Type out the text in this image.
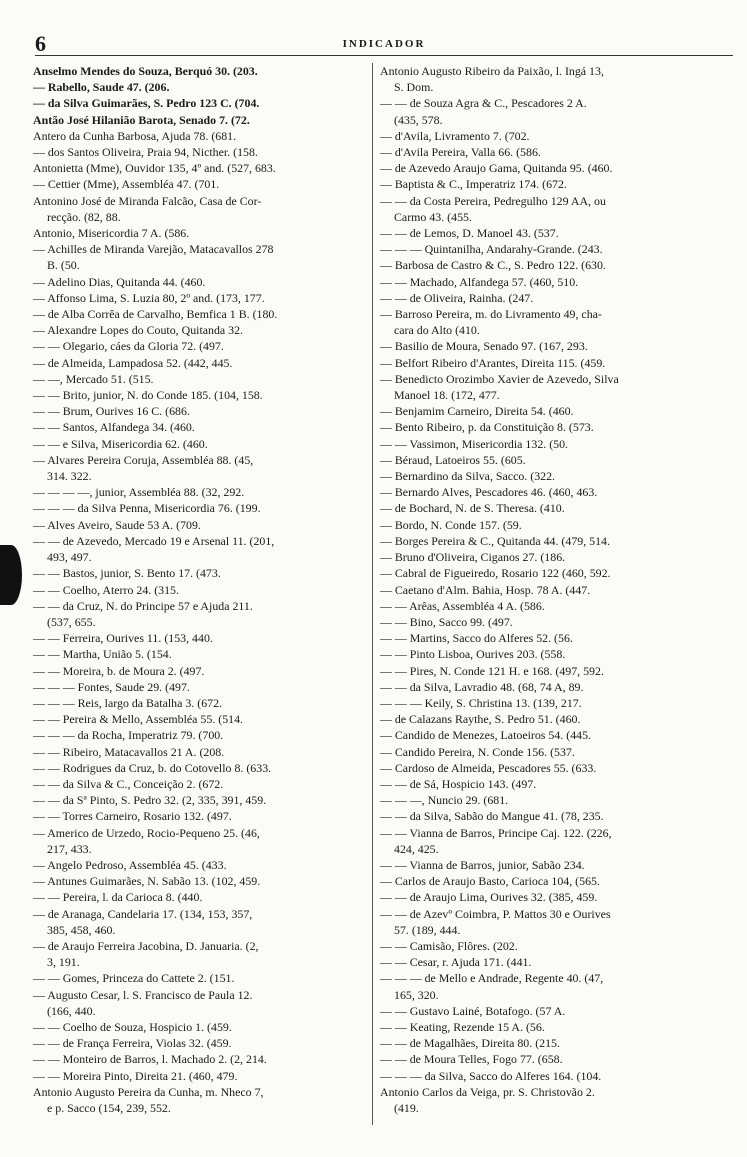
6	INDICADOR
Anselmo Mendes do Souza, Berquó 30. (203.
— Rabello, Saude 47. (206.
— da Silva Guimarães, S. Pedro 123 C. (704.
Antão José Hilanião Barota, Senado 7. (72.
Antero da Cunha Barbosa, Ajuda 78. (681.
— dos Santos Oliveira, Praia 94, Nicther. (158.
Antonietta (Mme), Ouvidor 135, 4º and. (527, 683.
— Cettier (Mme), Assembléa 47. (701.
Antonino José de Miranda Falcão, Casa de Cor-
recção. (82, 88.
Antonio, Misericordia 7 A. (586.
— Achilles de Miranda Varejão, Matacavallos 278
B. (50.
— Adelino Dias, Quitanda 44. (460.
— Affonso Lima, S. Luzia 80, 2º and. (173, 177.
— de Alba Corrêa de Carvalho, Bemfica 1 B. (180.
— Alexandre Lopes do Couto, Quitanda 32.
— — Olegario, cáes da Gloria 72. (497.
— de Almeida, Lampadosa 52. (442, 445.
— —, Mercado 51. (515.
— — Brito, junior, N. do Conde 185. (104, 158.
— — Brum, Ourives 16 C. (686.
— — Santos, Alfandega 34. (460.
— — e Silva, Misericordia 62. (460.
— Alvares Pereira Coruja, Assembléa 88. (45,
314. 322.
— — — —, junior, Assembléa 88. (32, 292.
— — — da Silva Penna, Misericordia 76. (199.
— Alves Aveiro, Saude 53 A. (709.
— — de Azevedo, Mercado 19 e Arsenal 11. (201,
493, 497.
— — Bastos, junior, S. Bento 17. (473.
— — Coelho, Aterro 24. (315.
— — da Cruz, N. do Principe 57 e Ajuda 211.
(537, 655.
— — Ferreira, Ourives 11. (153, 440.
— — Martha, União 5. (154.
— — Moreira, b. de Moura 2. (497.
— — — Fontes, Saude 29. (497.
— — — Reis, largo da Batalha 3. (672.
— — Pereira & Mello, Assembléa 55. (514.
— — — da Rocha, Imperatriz 79. (700.
— — Ribeiro, Matacavallos 21 A. (208.
— — Rodrigues da Cruz, b. do Cotovello 8. (633.
— — da Silva & C., Conceição 2. (672.
— — da Sª Pinto, S. Pedro 32. (2, 335, 391, 459.
— — Torres Carneiro, Rosario 132. (497.
— Americo de Urzedo, Rocio-Pequeno 25. (46,
217, 433.
— Angelo Pedroso, Assembléa 45. (433.
— Antunes Guimarães, N. Sabão 13. (102, 459.
— — Pereira, l. da Carioca 8. (440.
— de Aranaga, Candelaria 17. (134, 153, 357,
385, 458, 460.
— de Araujo Ferreira Jacobina, D. Januaria. (2,
3, 191.
— — Gomes, Princeza do Cattete 2. (151.
— Augusto Cesar, l. S. Francisco de Paula 12.
(166, 440.
— — Coelho de Souza, Hospicio 1. (459.
— — de França Ferreira, Violas 32. (459.
— — Monteiro de Barros, l. Machado 2. (2, 214.
— — Moreira Pinto, Direita 21. (460, 479.
Antonio Augusto Pereira da Cunha, m. Nheco 7,
e p. Sacco (154, 239, 552.
Antonio Augusto Ribeiro da Paixão, l. Ingá 13,
S. Dom.
— — de Souza Agra & C., Pescadores 2 A.
(435, 578.
— d'Avila, Livramento 7. (702.
— d'Avila Pereira, Valla 66. (586.
— de Azevedo Araujo Gama, Quitanda 95. (460.
— Baptista & C., Imperatriz 174. (672.
— — da Costa Pereira, Pedregulho 129 AA, ou
Carmo 43. (455.
— — de Lemos, D. Manoel 43. (537.
— — — Quintanilha, Andarahy-Grande. (243.
— Barbosa de Castro & C., S. Pedro 122. (630.
— — Machado, Alfandega 57. (460, 510.
— — de Oliveira, Rainha. (247.
— Barroso Pereira, m. do Livramento 49, cha-
cara do Alto (410.
— Basilio de Moura, Senado 97. (167, 293.
— Belfort Ribeiro d'Arantes, Direita 115. (459.
— Benedicto Orozimbo Xavier de Azevedo, Silva
Manoel 18. (172, 477.
— Benjamim Carneiro, Direita 54. (460.
— Bento Ribeiro, p. da Constituição 8. (573.
— — Vassimon, Misericordia 132. (50.
— Béraud, Latoeiros 55. (605.
— Bernardino da Silva, Sacco. (322.
— Bernardo Alves, Pescadores 46. (460, 463.
— de Bochard, N. de S. Theresa. (410.
— Bordo, N. Conde 157. (59.
— Borges Pereira & C., Quitanda 44. (479, 514.
— Bruno d'Oliveira, Ciganos 27. (186.
— Cabral de Figueiredo, Rosario 122 (460, 592.
— Caetano d'Alm. Bahia, Hosp. 78 A. (447.
— — Arêas, Assembléa 4 A. (586.
— — Bino, Sacco 99. (497.
— — Martins, Sacco do Alferes 52. (56.
— — Pinto Lisboa, Ourives 203. (558.
— — Pires, N. Conde 121 H. e 168. (497, 592.
— — da Silva, Lavradio 48. (68, 74 A, 89.
— — — Keily, S. Christina 13. (139, 217.
— de Calazans Raythe, S. Pedro 51. (460.
— Candido de Menezes, Latoeiros 54. (445.
— Candido Pereira, N. Conde 156. (537.
— Cardoso de Almeida, Pescadores 55. (633.
— — de Sá, Hospicio 143. (497.
— — —, Nuncio 29. (681.
— — da Silva, Sabão do Mangue 41. (78, 235.
— — Vianna de Barros, Principe Caj. 122. (226,
424, 425.
— — Vianna de Barros, junior, Sabão 234.
— Carlos de Araujo Basto, Carioca 104, (565.
— — de Araujo Lima, Ourives 32. (385, 459.
— — de Azevº Coimbra, P. Mattos 30 e Ourives
57. (189, 444.
— — Camisão, Flôres. (202.
— — Cesar, r. Ajuda 171. (441.
— — — de Mello e Andrade, Regente 40. (47,
165, 320.
— — Gustavo Lainé, Botafogo. (57 A.
— — Keating, Rezende 15 A. (56.
— — de Magalhães, Direita 80. (215.
— — de Moura Telles, Fogo 77. (658.
— — — da Silva, Sacco do Alferes 164. (104.
Antonio Carlos da Veiga, pr. S. Christovão 2.
(419.
